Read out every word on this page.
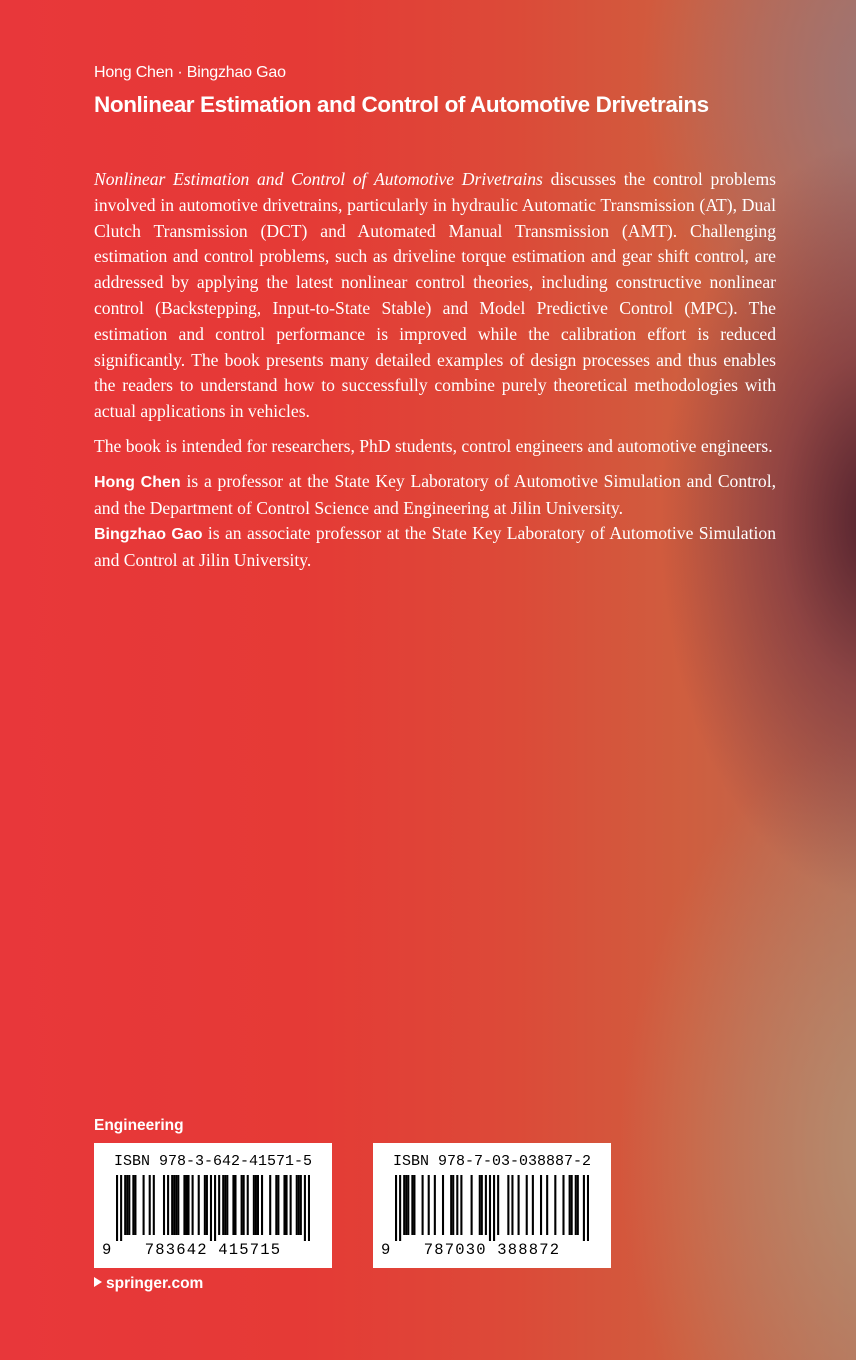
Hong Chen · Bingzhao Gao
Nonlinear Estimation and Control of Automotive Drivetrains

Nonlinear Estimation and Control of Automotive Drivetrains discusses the control problems involved in automotive drivetrains, particularly in hydraulic Automatic Transmission (AT), Dual Clutch Transmission (DCT) and Automated Manual Transmission (AMT). Challenging estimation and control problems, such as driveline torque estimation and gear shift control, are addressed by applying the latest nonlinear control theories, including constructive nonlinear control (Backstepping, Input-to-State Stable) and Model Predictive Control (MPC). The estimation and control performance is improved while the calibration effort is reduced significantly. The book presents many detailed examples of design processes and thus enables the readers to understand how to successfully combine purely theoretical methodologies with actual applications in vehicles.

The book is intended for researchers, PhD students, control engineers and automotive engineers.

Hong Chen is a professor at the State Key Laboratory of Automotive Simulation and Control, and the Department of Control Science and Engineering at Jilin University.
Bingzhao Gao is an associate professor at the State Key Laboratory of Automotive Simulation and Control at Jilin University.

Engineering
ISBN 978-3-642-41571-5
9 783642 415715
ISBN 978-7-03-038887-2
9 787030 388872
springer.com
